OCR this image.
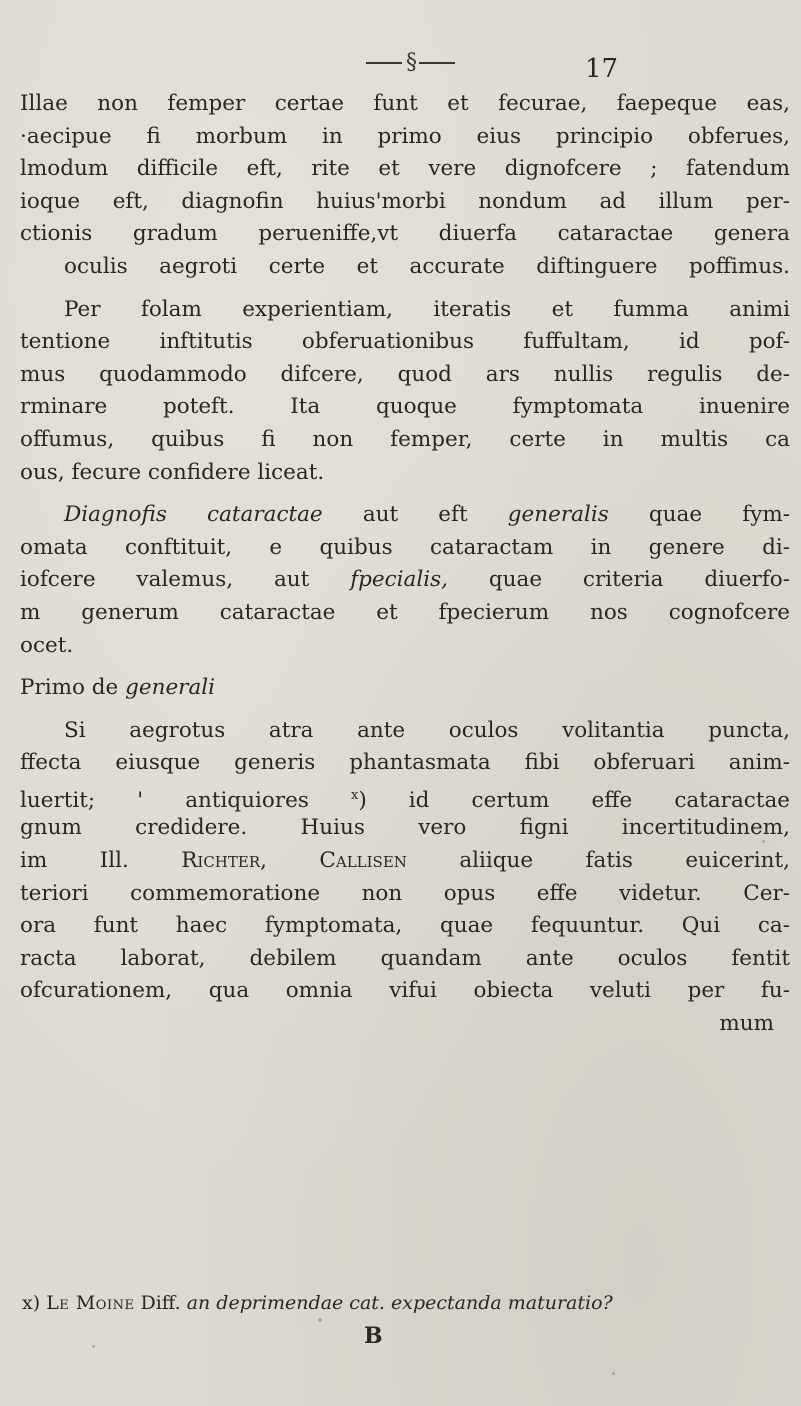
§	17
Illae non femper certae funt et fecurae, faepeque eas,
·aecipue fi morbum in primo eius principio obferues,
lmodum difficile eft, rite et vere dignofcere ; fatendum
ioque eft, diagnofin huius'morbi nondum ad illum per-
ctionis gradum perueniffe,vt diuerfa cataractae genera
oculis aegroti certe et accurate diftinguere poffimus.
Per folam experientiam, iteratis et fumma animi
tentione inftitutis obferuationibus fuffultam, id pof-
mus quodammodo difcere, quod ars nullis regulis de-
rminare poteft. Ita quoque fymptomata inuenire
offumus, quibus fi non femper, certe in multis ca
ous, fecure confidere liceat.
Diagnofis cataractae aut eft generalis quae fym-
omata conftituit, e quibus cataractam in genere di-
iofcere valemus, aut fpecialis, quae criteria diuerfo-
m generum cataractae et fpecierum nos cognofcere
ocet.
Primo de generali
Si aegrotus atra ante oculos volitantia puncta,
ffecta eiusque generis phantasmata fibi obferuari anim-
luertit; ' antiquiores $^x$) id certum effe cataractae
gnum credidere. Huius vero figni incertitudinem,
im Ill. Richter, Callisen aliique fatis euicerint,
teriori commemoratione non opus effe videtur. Cer-
ora funt haec fymptomata, quae fequuntur. Qui ca-
racta laborat, debilem quandam ante oculos fentit
ofcurationem, qua omnia vifui obiecta veluti per fu-
mum
x) Le Moine Diff. an deprimendae cat. expectanda maturatio?
B
